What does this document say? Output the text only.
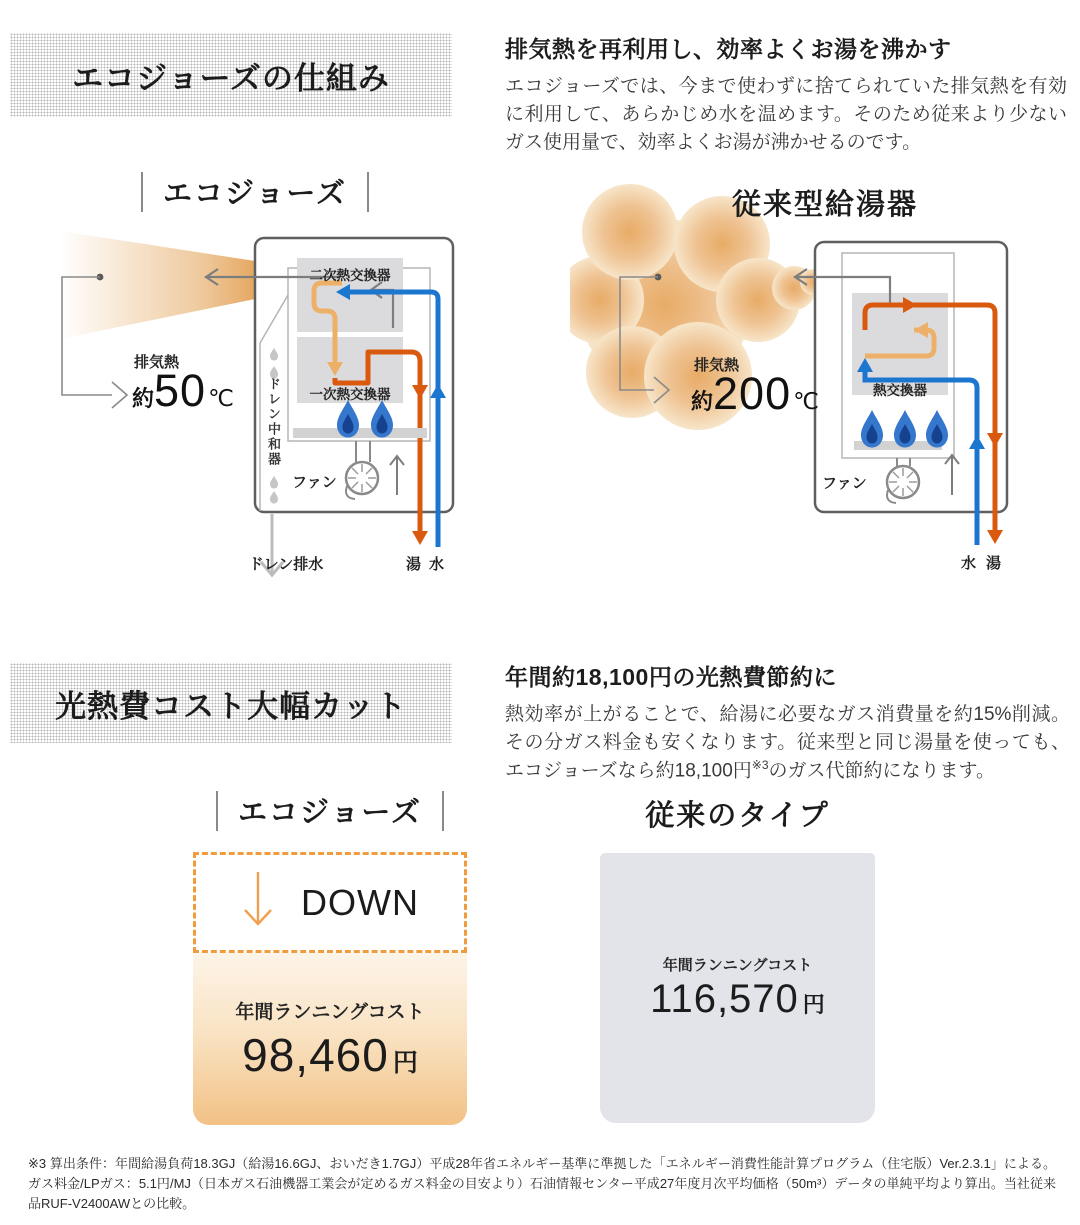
エコジョーズの仕組み
排気熱を再利用し、効率よくお湯を沸かす

エコジョーズでは、今まで使わずに捨てられていた排気熱を有効に利用して、あらかじめ水を温めます。そのため従来より少ないガス使用量で、効率よくお湯が沸かせるのです。

エコジョーズ
排気熱
約 50 ℃
二次熱交換器
一次熱交換器
ドレン中和器
ファン
ドレン排水	湯 水
従来型給湯器
排気熱
約 200 ℃	熱交換器
ファン
水 湯
光熱費コスト大幅カット
年間約18,100円の光熱費節約に

熱効率が上がることで、給湯に必要なガス消費量を約15%削減。その分ガス料金も安くなります。従来型と同じ湯量を使っても、エコジョーズなら約18,100円$^{※3}$のガス代節約になります。

エコジョーズ
DOWN
年間ランニングコスト
98,460 円
従来のタイプ
年間ランニングコスト
116,570 円
※3 算出条件：年間給湯負荷18.3GJ（給湯16.6GJ、おいだき1.7GJ）平成28年省エネルギー基準に準拠した「エネルギー消費性能計算プログラム（住宅版）Ver.2.3.1」による。ガス料金/LPガス：5.1円/MJ（日本ガス石油機器工業会が定めるガス料金の目安より）石油情報センター平成27年度月次平均価格（50m³）データの単純平均より算出。当社従来品RUF-V2400AWとの比較。
